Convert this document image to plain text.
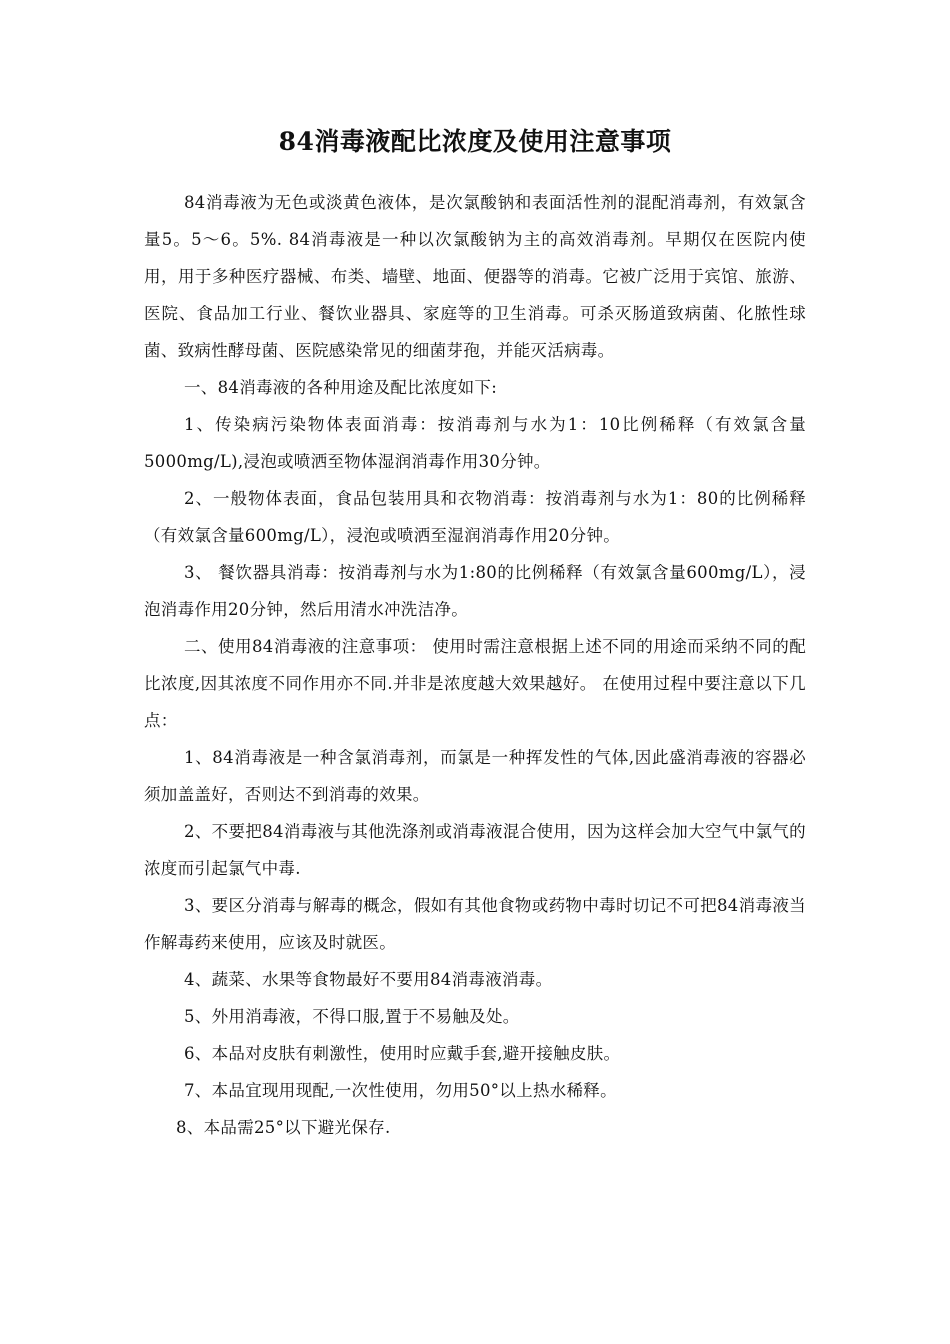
84消毒液配比浓度及使用注意事项

84消毒液为无色或淡黄色液体，是次氯酸钠和表面活性剂的混配消毒剂，有效氯含量5。5～6。5%. 84消毒液是一种以次氯酸钠为主的高效消毒剂。早期仅在医院内使用，用于多种医疗器械、布类、墙壁、地面、便器等的消毒。它被广泛用于宾馆、旅游、医院、食品加工行业、餐饮业器具、家庭等的卫生消毒。可杀灭肠道致病菌、化脓性球菌、致病性酵母菌、医院感染常见的细菌芽孢，并能灭活病毒。

一、84消毒液的各种用途及配比浓度如下:

1、传染病污染物体表面消毒：按消毒剂与水为1：10比例稀释（有效氯含量5000mg/L),浸泡或喷洒至物体湿润消毒作用30分钟。

2、一般物体表面，食品包装用具和衣物消毒：按消毒剂与水为1：80的比例稀释（有效氯含量600mg/L），浸泡或喷洒至湿润消毒作用20分钟。

3、 餐饮器具消毒：按消毒剂与水为1:80的比例稀释（有效氯含量600mg/L），浸泡消毒作用20分钟，然后用清水冲洗洁净。

二、使用84消毒液的注意事项： 使用时需注意根据上述不同的用途而采纳不同的配比浓度,因其浓度不同作用亦不同.并非是浓度越大效果越好。 在使用过程中要注意以下几点：

1、84消毒液是一种含氯消毒剂，而氯是一种挥发性的气体,因此盛消毒液的容器必须加盖盖好，否则达不到消毒的效果。

2、不要把84消毒液与其他洗涤剂或消毒液混合使用，因为这样会加大空气中氯气的浓度而引起氯气中毒.

3、要区分消毒与解毒的概念，假如有其他食物或药物中毒时切记不可把84消毒液当作解毒药来使用，应该及时就医。

4、蔬菜、水果等食物最好不要用84消毒液消毒。

5、外用消毒液，不得口服,置于不易触及处。

6、本品对皮肤有刺激性，使用时应戴手套,避开接触皮肤。

7、本品宜现用现配,一次性使用，勿用50°以上热水稀释。

8、本品需25°以下避光保存.
